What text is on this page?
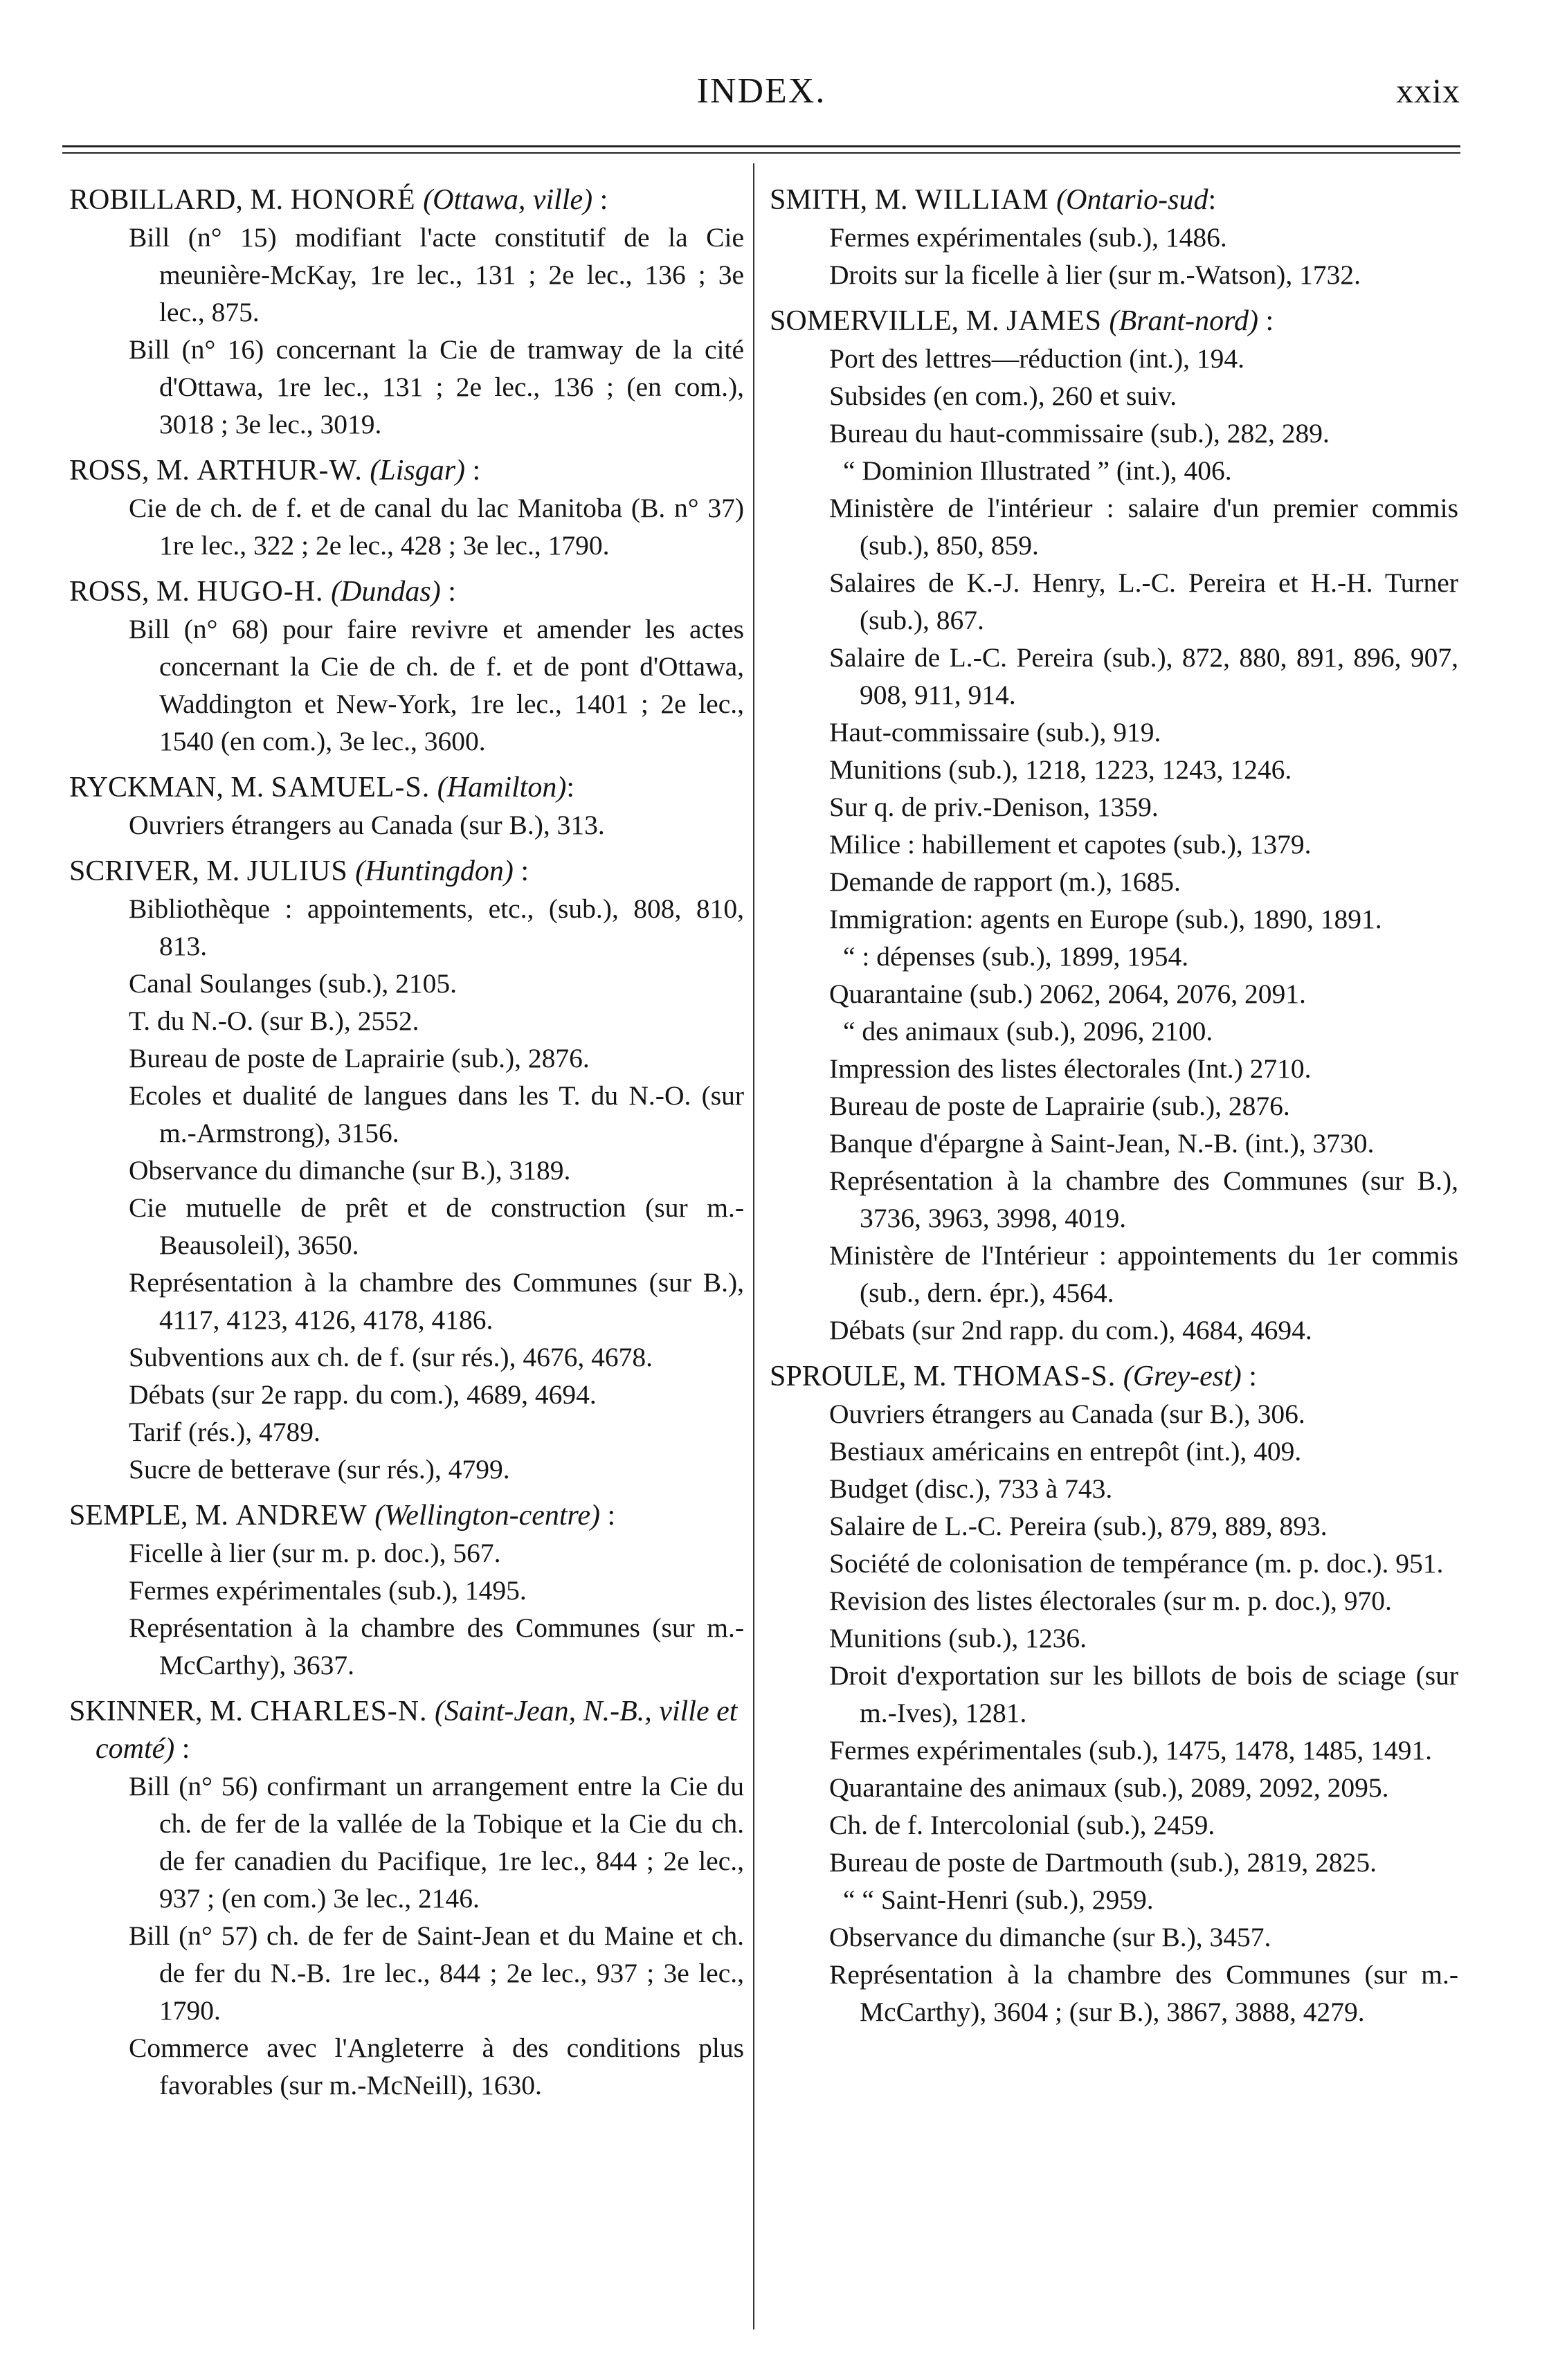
INDEX.	xxix
ROBILLARD, M. HONORÉ (Ottawa, ville) :
Bill (n° 15) modifiant l'acte constitutif de la Cie meunière-McKay, 1re lec., 131 ; 2e lec., 136 ; 3e lec., 875.
Bill (n° 16) concernant la Cie de tramway de la cité d'Ottawa, 1re lec., 131 ; 2e lec., 136 ; (en com.), 3018 ; 3e lec., 3019.
ROSS, M. ARTHUR-W. (Lisgar) :
Cie de ch. de f. et de canal du lac Manitoba (B. n° 37) 1re lec., 322 ; 2e lec., 428 ; 3e lec., 1790.
ROSS, M. HUGO-H. (Dundas) :
Bill (n° 68) pour faire revivre et amender les actes concernant la Cie de ch. de f. et de pont d'Ottawa, Waddington et New-York, 1re lec., 1401 ; 2e lec., 1540 (en com.), 3e lec., 3600.
RYCKMAN, M. SAMUEL-S. (Hamilton):
Ouvriers étrangers au Canada (sur B.), 313.
SCRIVER, M. JULIUS (Huntingdon) :
Bibliothèque : appointements, etc., (sub.), 808, 810, 813.
Canal Soulanges (sub.), 2105.
T. du N.-O. (sur B.), 2552.
Bureau de poste de Laprairie (sub.), 2876.
Ecoles et dualité de langues dans les T. du N.-O. (sur m.-Armstrong), 3156.
Observance du dimanche (sur B.), 3189.
Cie mutuelle de prêt et de construction (sur m.-Beausoleil), 3650.
Représentation à la chambre des Communes (sur B.), 4117, 4123, 4126, 4178, 4186.
Subventions aux ch. de f. (sur rés.), 4676, 4678.
Débats (sur 2e rapp. du com.), 4689, 4694.
Tarif (rés.), 4789.
Sucre de betterave (sur rés.), 4799.
SEMPLE, M. ANDREW (Wellington-centre) :
Ficelle à lier (sur m. p. doc.), 567.
Fermes expérimentales (sub.), 1495.
Représentation à la chambre des Communes (sur m.-McCarthy), 3637.
SKINNER, M. CHARLES-N. (Saint-Jean, N.-B., ville et comté) :
Bill (n° 56) confirmant un arrangement entre la Cie du ch. de fer de la vallée de la Tobique et la Cie du ch. de fer canadien du Pacifique, 1re lec., 844 ; 2e lec., 937 ; (en com.) 3e lec., 2146.
Bill (n° 57) ch. de fer de Saint-Jean et du Maine et ch. de fer du N.-B. 1re lec., 844 ; 2e lec., 937 ; 3e lec., 1790.
Commerce avec l'Angleterre à des conditions plus favorables (sur m.-McNeill), 1630.
SMITH, M. WILLIAM (Ontario-sud:
Fermes expérimentales (sub.), 1486.
Droits sur la ficelle à lier (sur m.-Watson), 1732.
SOMERVILLE, M. JAMES (Brant-nord) :
Port des lettres—réduction (int.), 194.
Subsides (en com.), 260 et suiv.
Bureau du haut-commissaire (sub.), 282, 289.
“ Dominion Illustrated ” (int.), 406.
Ministère de l'intérieur : salaire d'un premier commis (sub.), 850, 859.
Salaires de K.-J. Henry, L.-C. Pereira et H.-H. Turner (sub.), 867.
Salaire de L.-C. Pereira (sub.), 872, 880, 891, 896, 907, 908, 911, 914.
Haut-commissaire (sub.), 919.
Munitions (sub.), 1218, 1223, 1243, 1246.
Sur q. de priv.-Denison, 1359.
Milice : habillement et capotes (sub.), 1379.
Demande de rapport (m.), 1685.
Immigration: agents en Europe (sub.), 1890, 1891.
“ : dépenses (sub.), 1899, 1954.
Quarantaine (sub.) 2062, 2064, 2076, 2091.
“ des animaux (sub.), 2096, 2100.
Impression des listes électorales (Int.) 2710.
Bureau de poste de Laprairie (sub.), 2876.
Banque d'épargne à Saint-Jean, N.-B. (int.), 3730.
Représentation à la chambre des Communes (sur B.), 3736, 3963, 3998, 4019.
Ministère de l'Intérieur : appointements du 1er commis (sub., dern. épr.), 4564.
Débats (sur 2nd rapp. du com.), 4684, 4694.
SPROULE, M. THOMAS-S. (Grey-est) :
Ouvriers étrangers au Canada (sur B.), 306.
Bestiaux américains en entrepôt (int.), 409.
Budget (disc.), 733 à 743.
Salaire de L.-C. Pereira (sub.), 879, 889, 893.
Société de colonisation de tempérance (m. p. doc.). 951.
Revision des listes électorales (sur m. p. doc.), 970.
Munitions (sub.), 1236.
Droit d'exportation sur les billots de bois de sciage (sur m.-Ives), 1281.
Fermes expérimentales (sub.), 1475, 1478, 1485, 1491.
Quarantaine des animaux (sub.), 2089, 2092, 2095.
Ch. de f. Intercolonial (sub.), 2459.
Bureau de poste de Dartmouth (sub.), 2819, 2825.
“ “ Saint-Henri (sub.), 2959.
Observance du dimanche (sur B.), 3457.
Représentation à la chambre des Communes (sur m.-McCarthy), 3604 ; (sur B.), 3867, 3888, 4279.
